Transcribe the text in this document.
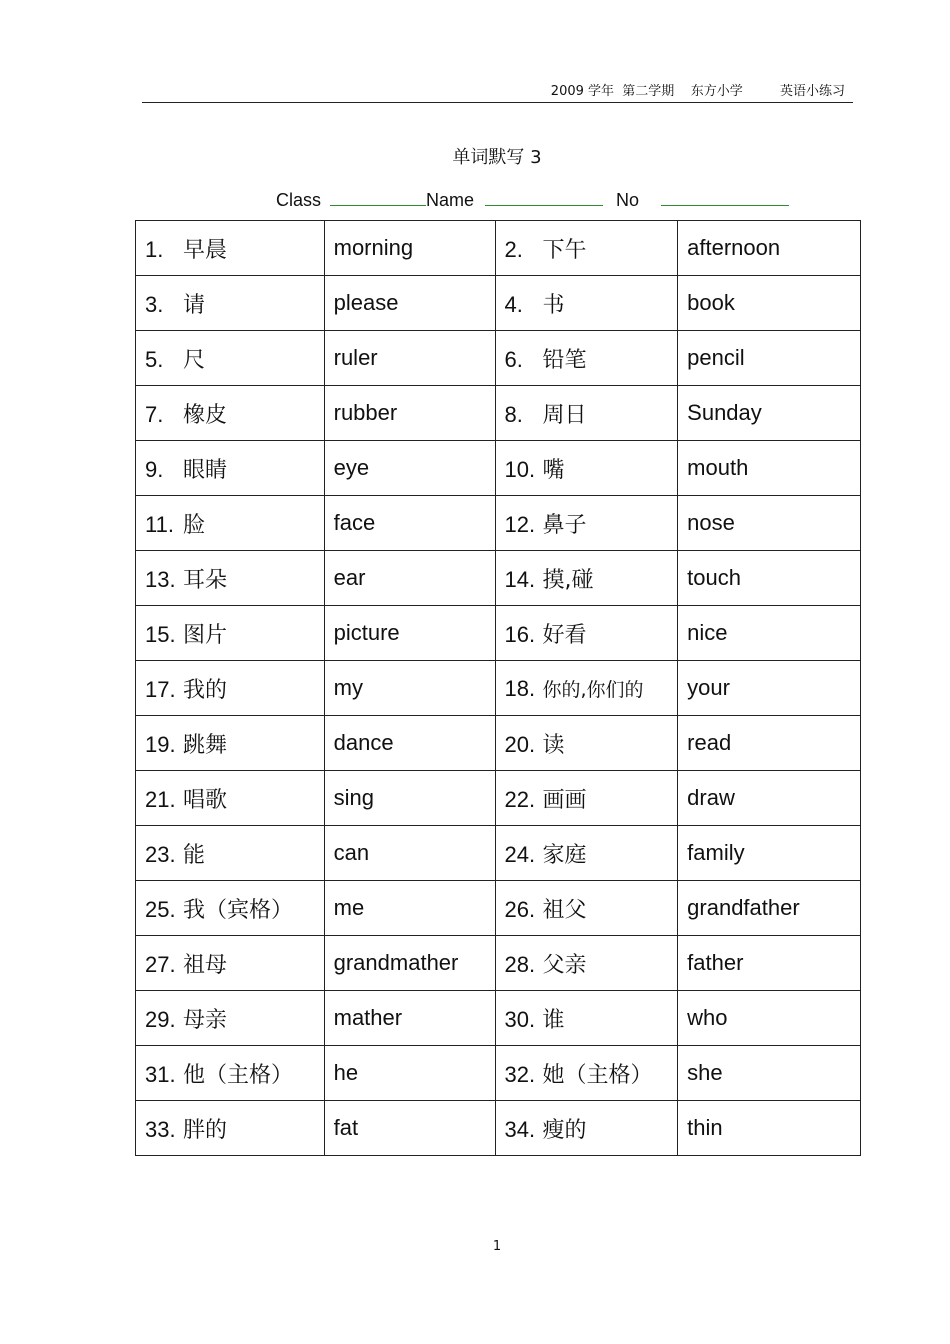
2009 学年  第二学期    东方小学         英语小练习
单词默写 3
Class	Name	No
1. 早晨	morning	2. 下午	afternoon
3. 请	please	4. 书	book
5. 尺	ruler	6. 铅笔	pencil
7. 橡皮	rubber	8. 周日	Sunday
9. 眼睛	eye	10. 嘴	mouth
11. 脸	face	12. 鼻子	nose
13. 耳朵	ear	14. 摸,碰	touch
15. 图片	picture	16. 好看	nice
17. 我的	my	18. 你的,你们的	your
19. 跳舞	dance	20. 读	read
21. 唱歌	sing	22. 画画	draw
23. 能	can	24. 家庭	family
25. 我（宾格）	me	26. 祖父	grandfather
27. 祖母	grandmather	28. 父亲	father
29. 母亲	mather	30. 谁	who
31. 他（主格）	he	32. 她（主格）	she
33. 胖的	fat	34. 瘦的	thin
1
